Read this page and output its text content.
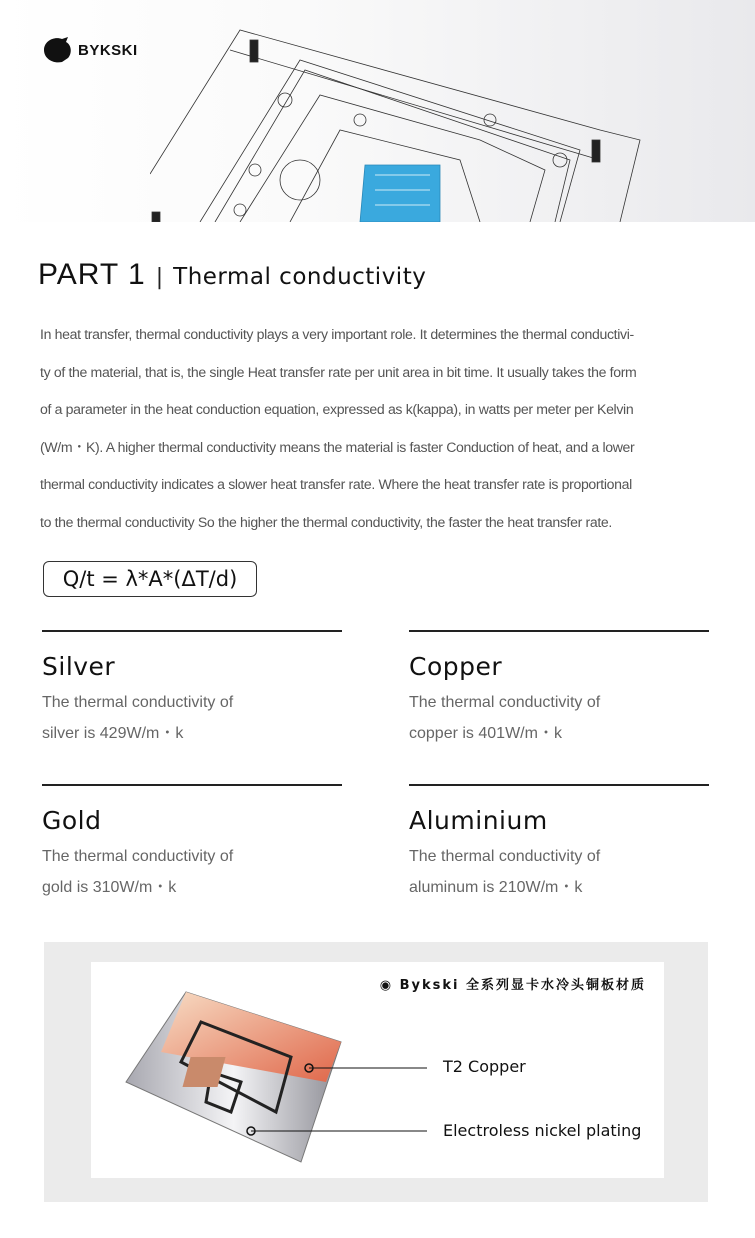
BYKSKI
PART 1 | Thermal conductivity
In heat transfer, thermal conductivity plays a very important role. It determines the thermal conductivi-
ty of the material, that is, the single Heat transfer rate per unit area in bit time. It usually takes the form
of a parameter in the heat conduction equation, expressed as k(kappa), in watts per meter per Kelvin
(W/m・K). A higher thermal conductivity means the material is faster Conduction of heat, and a lower
thermal conductivity indicates a slower heat transfer rate. Where the heat transfer rate is proportional
to the thermal conductivity So the higher the thermal conductivity, the faster the heat transfer rate.
Q/t = λ*A*(ΔT/d)
Silver
The thermal conductivity of
silver is 429W/m・k
Copper
The thermal conductivity of
copper is 401W/m・k
Gold
The thermal conductivity of
gold is 310W/m・k
Aluminium
The thermal conductivity of
aluminum is 210W/m・k
◉ Bykski 全系列显卡水冷头铜板材质
T2 Copper
Electroless nickel plating
